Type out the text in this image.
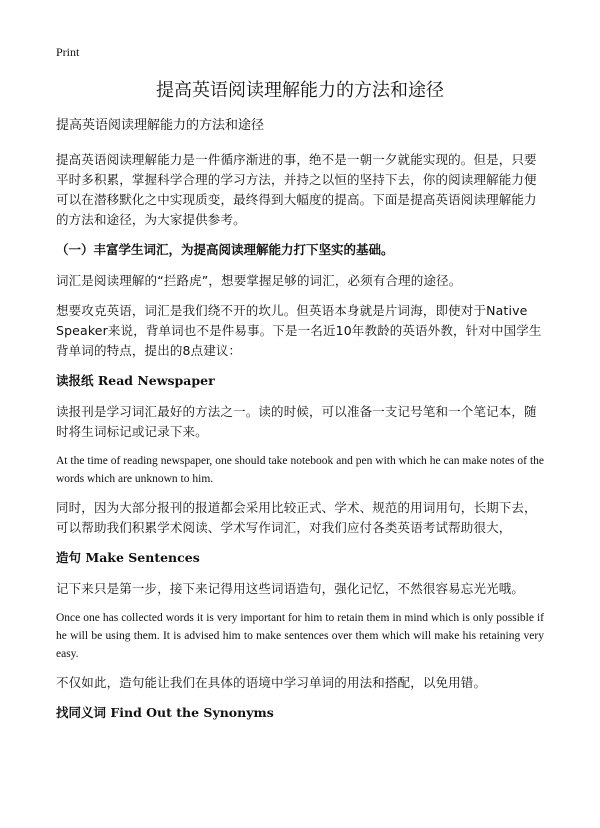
Print
提高英语阅读理解能力的方法和途径
提高英语阅读理解能力的方法和途径

提高英语阅读理解能力是一件循序渐进的事，绝不是一朝一夕就能实现的。但是，只要平时多积累，掌握科学合理的学习方法，并持之以恒的坚持下去，你的阅读理解能力便可以在潜移默化之中实现质变，最终得到大幅度的提高。下面是提高英语阅读理解能力的方法和途径，为大家提供参考。

（一）丰富学生词汇，为提高阅读理解能力打下坚实的基础。

词汇是阅读理解的“拦路虎”，想要掌握足够的词汇，必须有合理的途径。

想要攻克英语，词汇是我们绕不开的坎儿。但英语本身就是片词海，即使对于Native Speaker来说，背单词也不是件易事。下是一名近10年教龄的英语外教，针对中国学生背单词的特点，提出的8点建议：

读报纸 Read Newspaper

读报刊是学习词汇最好的方法之一。读的时候，可以准备一支记号笔和一个笔记本，随时将生词标记或记录下来。

At the time of reading newspaper, one should take notebook and pen with which he can make notes of the words which are unknown to him.

同时，因为大部分报刊的报道都会采用比较正式、学术、规范的用词用句，长期下去，可以帮助我们积累学术阅读、学术写作词汇，对我们应付各类英语考试帮助很大，

造句 Make Sentences

记下来只是第一步，接下来记得用这些词语造句，强化记忆，不然很容易忘光光哦。

Once one has collected words it is very important for him to retain them in mind which is only possible if he will be using them. It is advised him to make sentences over them which will make his retaining very easy.

不仅如此，造句能让我们在具体的语境中学习单词的用法和搭配，以免用错。

找同义词 Find Out the Synonyms
